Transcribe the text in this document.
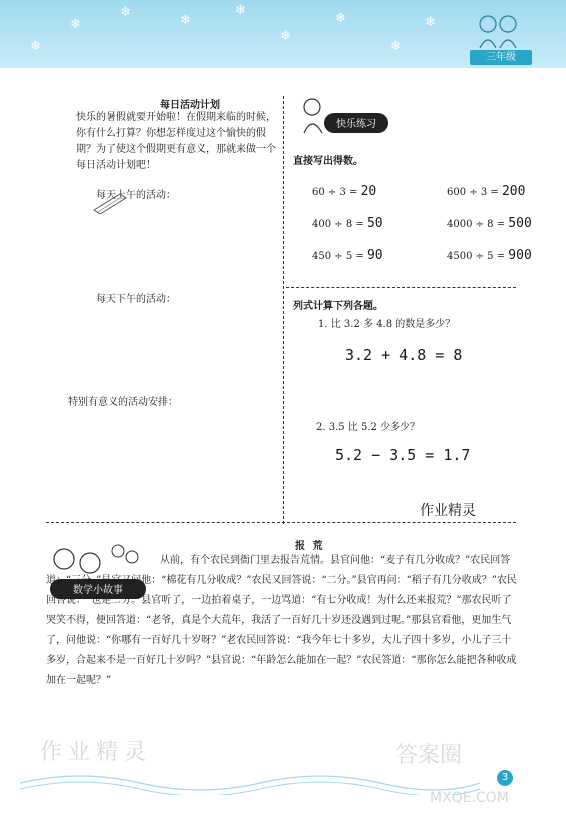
❄
❄
❄
❄
❄
❄
❄
❄
❄
三年级
每日活动计划
快乐的暑假就要开始啦！在假期来临的时候，你有什么打算？你想怎样度过这个愉快的假期？为了使这个假期更有意义，那就来做一个每日活动计划吧！
每天上午的活动：
每天下午的活动：
特别有意义的活动安排：
快乐练习
直接写出得数。
60 ÷ 3 = 20	600 ÷ 3 = 200
400 ÷ 8 = 50	4000 ÷ 8 = 500
450 ÷ 5 = 90	4500 ÷ 5 = 900
列式计算下列各题。
1. 比 3.2 多 4.8 的数是多少？
3.2 + 4.8 = 8
2. 3.5 比 5.2 少多少？
5.2 − 3.5 = 1.7
作业精灵
数学小故事
报 荒
从前，有个农民到衙门里去报告荒情。县官问他：“麦子有几分收成？”农民回答道：“三分。”县官又问他：“棉花有几分收成？”农民又回答说：“二分。”县官再问：“稻子有几分收成？”农民回答说：“也是二分。”县官听了，一边拍着桌子，一边骂道：“有七分收成！为什么还来报荒？”那农民听了哭笑不得，便回答道：“老爷，真是个大荒年，我活了一百好几十岁还没遇到过呢。”那县官看他，更加生气了，问他说：“你哪有一百好几十岁呀？”老农民回答说：“我今年七十多岁，大儿子四十多岁，小儿子三十多岁，合起来不是一百好几十岁吗？”县官说：“年龄怎么能加在一起？”农民答道：“那你怎么能把各种收成加在一起呢？”
作业精灵	答案圈
MXQE.COM
3
